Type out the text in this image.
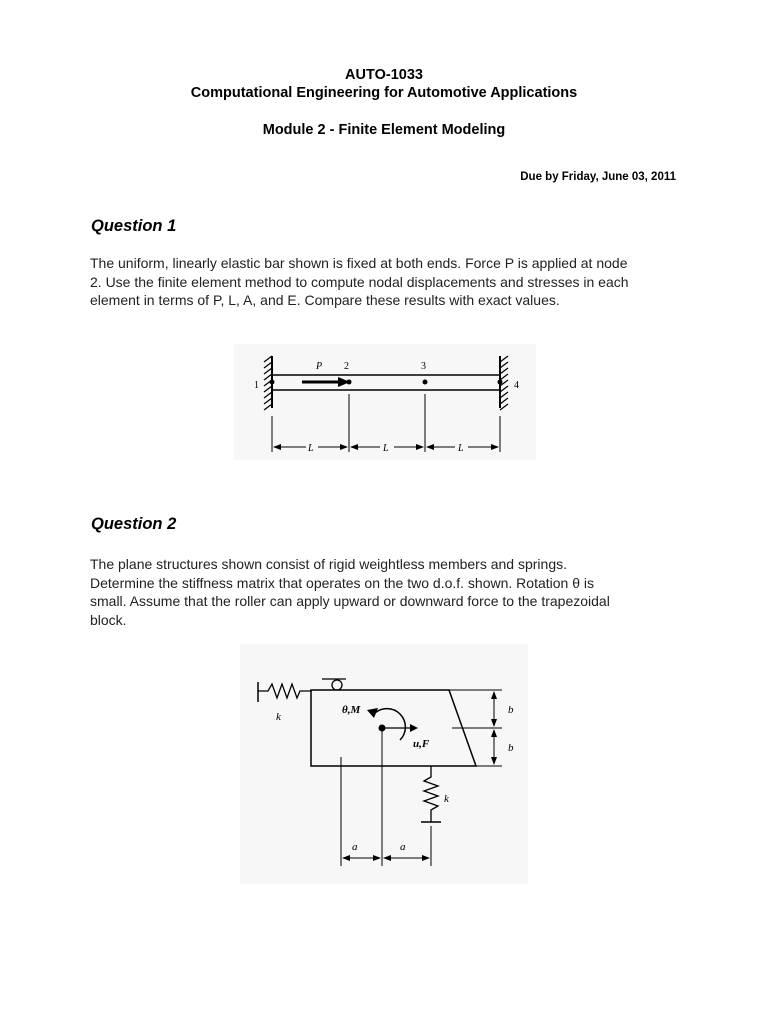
AUTO-1033
Computational Engineering for Automotive Applications
Module 2 - Finite Element Modeling
Due by Friday, June 03, 2011
Question 1
The uniform, linearly elastic bar shown is fixed at both ends. Force P is applied at node
2. Use the finite element method to compute nodal displacements and stresses in each
element in terms of P, L, A, and E. Compare these results with exact values.
1
2	3
4
P
L	L	L
Question 2
The plane structures shown consist of rigid weightless members and springs.
Determine the stiffness matrix that operates on the two d.o.f. shown. Rotation θ is
small. Assume that the roller can apply upward or downward force to the trapezoidal
block.
k
θ,M
u,F
k
b
b
a	a
